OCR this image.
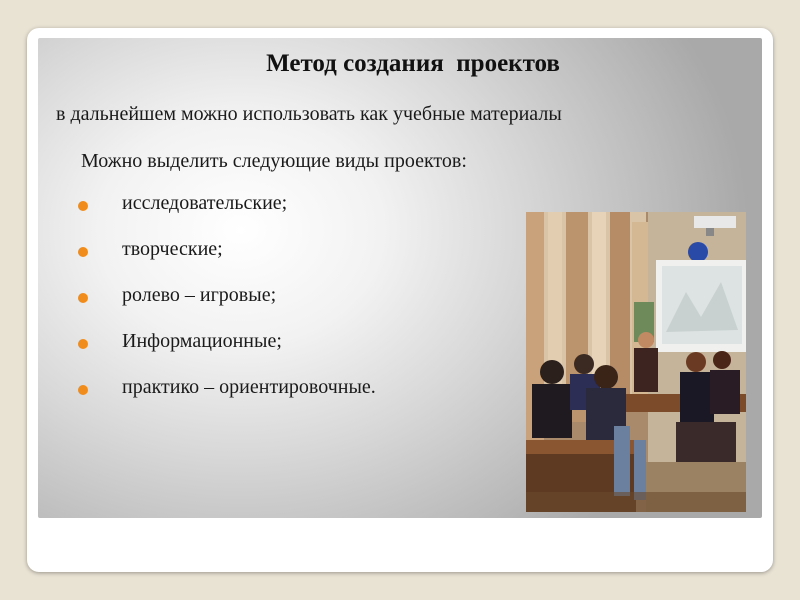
Метод создания  проектов
в дальнейшем можно использовать как учебные материалы
Можно выделить следующие виды проектов:
исследовательские;
творческие;
ролево – игровые;
Информационные;
практико – ориентировочные.
